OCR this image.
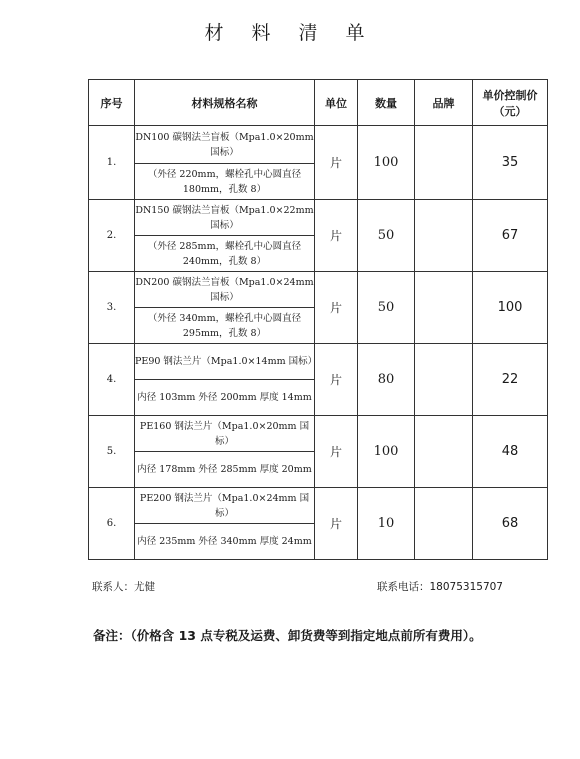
材 料 清 单
序号	材料规格名称	单位	数量	品牌	单价控制价
（元）

1.	DN100 碳钢法兰盲板（Mpa1.0×20mm 国标）	片	100		35
	（外径 220mm，螺栓孔中心圆直径 180mm，孔数 8）				
2.	DN150 碳钢法兰盲板（Mpa1.0×22mm 国标）	片	50		67
	（外径 285mm，螺栓孔中心圆直径 240mm，孔数 8）				
3.	DN200 碳钢法兰盲板（Mpa1.0×24mm 国标）	片	50		100
	（外径 340mm，螺栓孔中心圆直径 295mm，孔数 8）				
4.	PE90 钢法兰片（Mpa1.0×14mm 国标）	片	80		22
	内径 103mm 外径 200mm 厚度 14mm				
5.	PE160 钢法兰片（Mpa1.0×20mm 国标）	片	100		48
	内径 178mm 外径 285mm 厚度 20mm				
6.	PE200 钢法兰片（Mpa1.0×24mm 国标）	片	10		68
	内径 235mm 外径 340mm 厚度 24mm				
联系人：尤健	联系电话：18075315707
备注：（价格含 13 点专税及运费、卸货费等到指定地点前所有费用）。
